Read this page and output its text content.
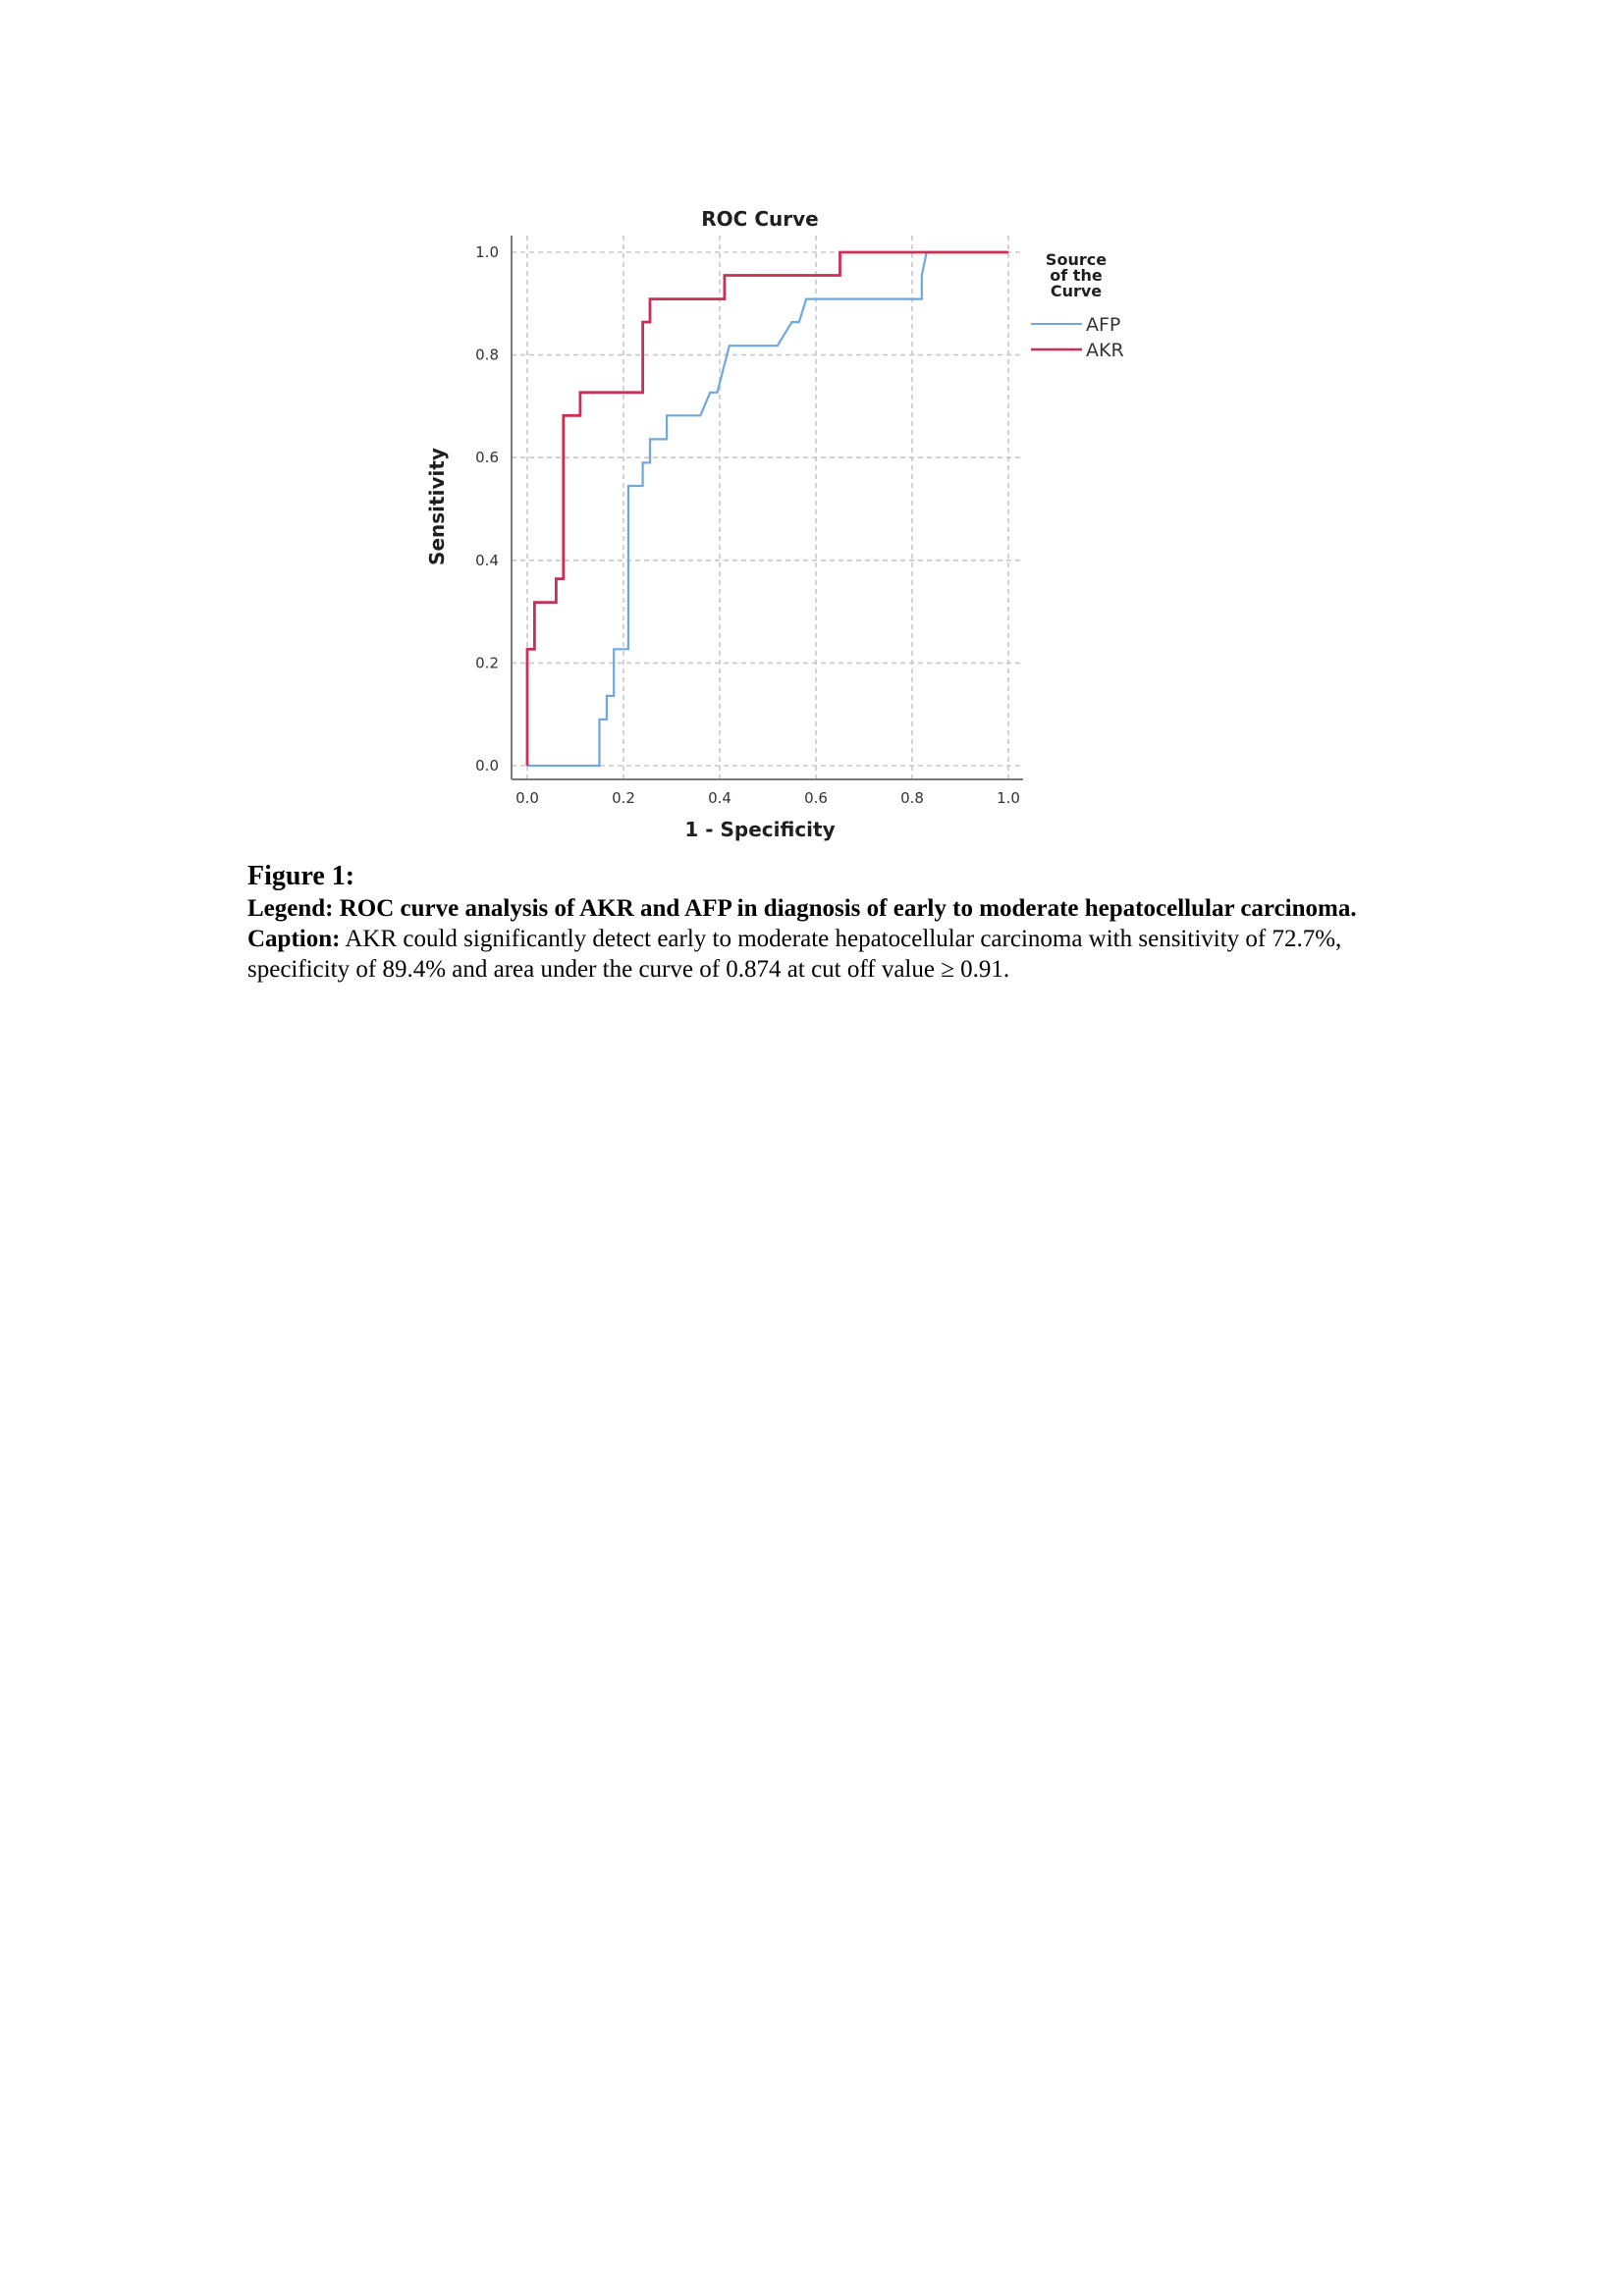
ROC Curve
0.0	0.2	0.4	0.6	0.8	1.0
0.0
0.2
0.4
0.6
0.8
1.0
1 - Specificity
Sensitivity
Source
of the
Curve
AFP
AKR

Figure 1:

Legend: ROC curve analysis of AKR and AFP in diagnosis of early to moderate hepatocellular carcinoma.

Caption: AKR could significantly detect early to moderate hepatocellular carcinoma with sensitivity of 72.7%, specificity of 89.4% and area under the curve of 0.874 at cut off value ≥ 0.91.
